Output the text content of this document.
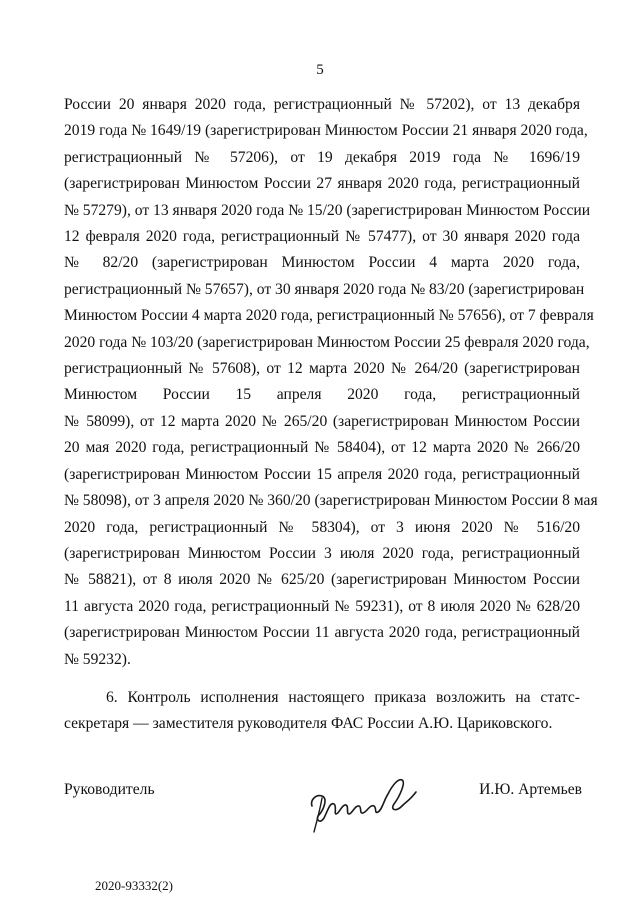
5
России 20 января 2020 года, регистрационный № 57202), от 13 декабря
2019 года № 1649/19 (зарегистрирован Минюстом России 21 января 2020 года,
регистрационный № 57206), от 19 декабря 2019 года № 1696/19
(зарегистрирован Минюстом России 27 января 2020 года, регистрационный
№ 57279), от 13 января 2020 года № 15/20 (зарегистрирован Минюстом России
12 февраля 2020 года, регистрационный № 57477), от 30 января 2020 года
№ 82/20 (зарегистрирован Минюстом России 4 марта 2020 года,
регистрационный № 57657), от 30 января 2020 года № 83/20 (зарегистрирован
Минюстом России 4 марта 2020 года, регистрационный № 57656), от 7 февраля
2020 года № 103/20 (зарегистрирован Минюстом России 25 февраля 2020 года,
регистрационный № 57608), от 12 марта 2020 № 264/20 (зарегистрирован
Минюстом России 15 апреля 2020 года, регистрационный
№ 58099), от 12 марта 2020 № 265/20 (зарегистрирован Минюстом России
20 мая 2020 года, регистрационный № 58404), от 12 марта 2020 № 266/20
(зарегистрирован Минюстом России 15 апреля 2020 года, регистрационный
№ 58098), от 3 апреля 2020 № 360/20 (зарегистрирован Минюстом России 8 мая
2020 года, регистрационный № 58304), от 3 июня 2020 № 516/20
(зарегистрирован Минюстом России 3 июля 2020 года, регистрационный
№ 58821), от 8 июля 2020 № 625/20 (зарегистрирован Минюстом России
11 августа 2020 года, регистрационный № 59231), от 8 июля 2020 № 628/20
(зарегистрирован Минюстом России 11 августа 2020 года, регистрационный
№ 59232).
6. Контроль исполнения настоящего приказа возложить на статс-
секретаря — заместителя руководителя ФАС России А.Ю. Цариковского.
Руководитель	И.Ю. Артемьев
2020-93332(2)
